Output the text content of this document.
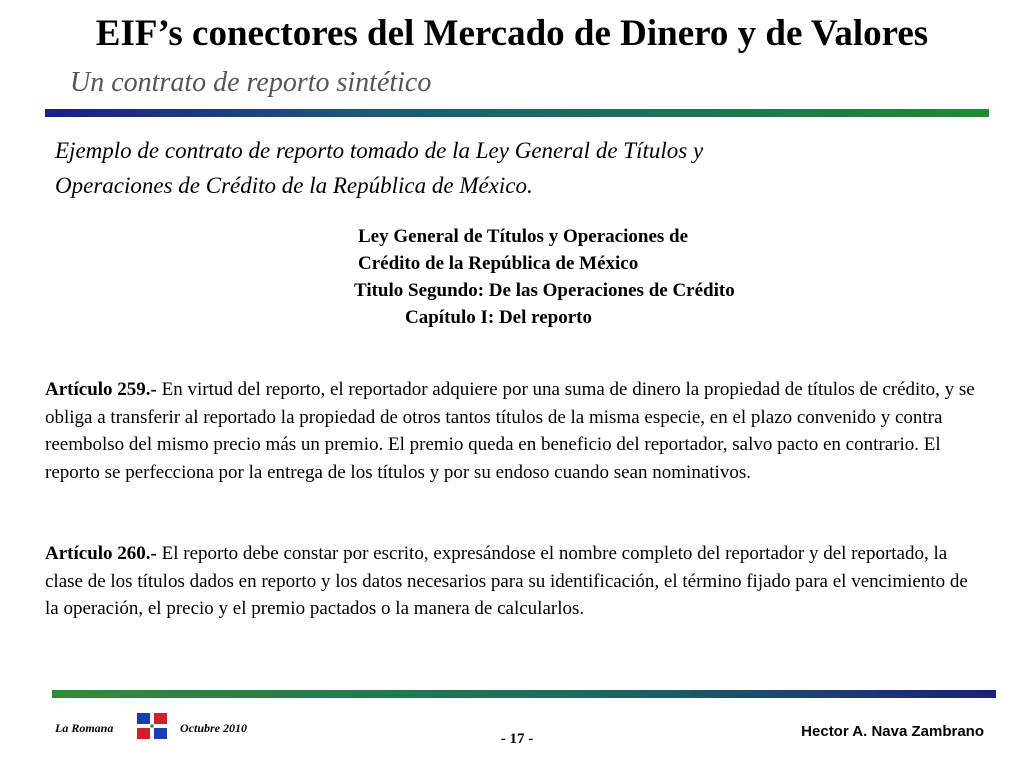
EIF’s conectores del Mercado de Dinero y de Valores
Un contrato de reporto sintético
Ejemplo de contrato de reporto tomado de la Ley General de Títulos y
Operaciones de Crédito de la República de México.
Ley General de Títulos y Operaciones de
Crédito de la República de México
Titulo Segundo: De las Operaciones de Crédito
Capítulo I: Del reporto
Artículo 259.- En virtud del reporto, el reportador adquiere por una suma de dinero la propiedad de títulos de crédito, y se obliga a transferir al reportado la propiedad de otros tantos títulos de la misma especie, en el plazo convenido y contra reembolso del mismo precio más un premio. El premio queda en beneficio del reportador, salvo pacto en contrario. El reporto se perfecciona por la entrega de los títulos y por su endoso cuando sean nominativos.
Artículo 260.- El reporto debe constar por escrito, expresándose el nombre completo del reportador y del reportado, la clase de los títulos dados en reporto y los datos necesarios para su identificación, el término fijado para el vencimiento de la operación, el precio y el premio pactados o la manera de calcularlos.
La Romana	Octubre 2010
- 17 -	Hector A. Nava Zambrano
